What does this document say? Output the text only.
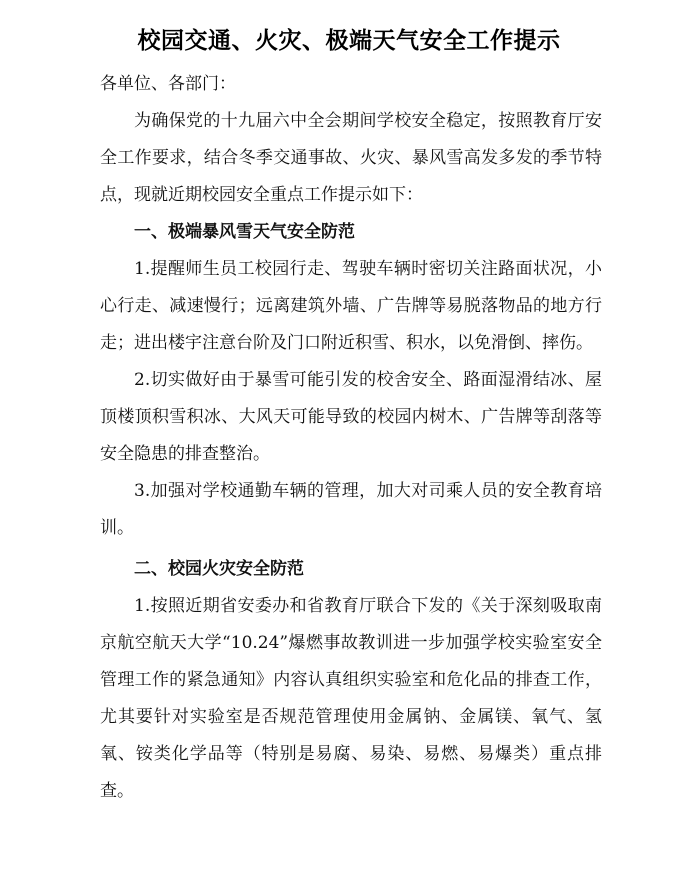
校园交通、火灾、极端天气安全工作提示

各单位、各部门：

为确保党的十九届六中全会期间学校安全稳定，按照教育厅安全工作要求，结合冬季交通事故、火灾、暴风雪高发多发的季节特点，现就近期校园安全重点工作提示如下：

一、极端暴风雪天气安全防范

1.提醒师生员工校园行走、驾驶车辆时密切关注路面状况，小心行走、减速慢行；远离建筑外墙、广告牌等易脱落物品的地方行走；进出楼宇注意台阶及门口附近积雪、积水，以免滑倒、摔伤。

2.切实做好由于暴雪可能引发的校舍安全、路面湿滑结冰、屋顶楼顶积雪积冰、大风天可能导致的校园内树木、广告牌等刮落等安全隐患的排查整治。

3.加强对学校通勤车辆的管理，加大对司乘人员的安全教育培训。

二、校园火灾安全防范

1.按照近期省安委办和省教育厅联合下发的《关于深刻吸取南京航空航天大学“10.24”爆燃事故教训进一步加强学校实验室安全管理工作的紧急通知》内容认真组织实验室和危化品的排查工作，尤其要针对实验室是否规范管理使用金属钠、金属镁、氧气、氢氧、铵类化学品等（特别是易腐、易染、易燃、易爆类）重点排查。
